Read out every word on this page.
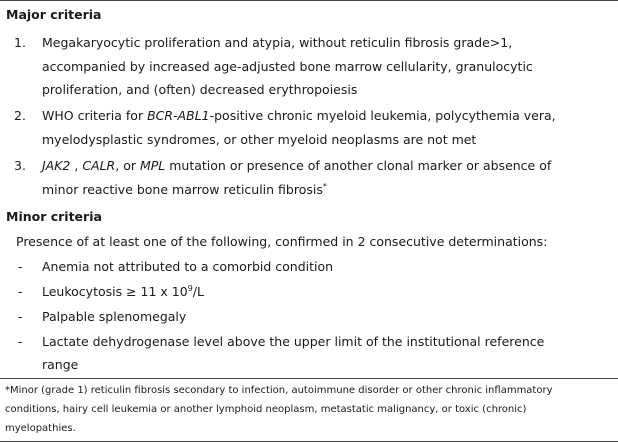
Major criteria
1. Megakaryocytic proliferation and atypia, without reticulin fibrosis grade>1,
accompanied by increased age-adjusted bone marrow cellularity, granulocytic
proliferation, and (often) decreased erythropoiesis
2. WHO criteria for BCR-ABL1-positive chronic myeloid leukemia, polycythemia vera,
myelodysplastic syndromes, or other myeloid neoplasms are not met
3. JAK2 , CALR, or MPL mutation or presence of another clonal marker or absence of
minor reactive bone marrow reticulin fibrosis*
Minor criteria
Presence of at least one of the following, confirmed in 2 consecutive determinations:
- Anemia not attributed to a comorbid condition
- Leukocytosis ≥ 11 x $10^9/L$
- Palpable splenomegaly
- Lactate dehydrogenase level above the upper limit of the institutional reference
range
*Minor (grade 1) reticulin fibrosis secondary to infection, autoimmune disorder or other chronic inflammatory
conditions, hairy cell leukemia or another lymphoid neoplasm, metastatic malignancy, or toxic (chronic)
myelopathies.
